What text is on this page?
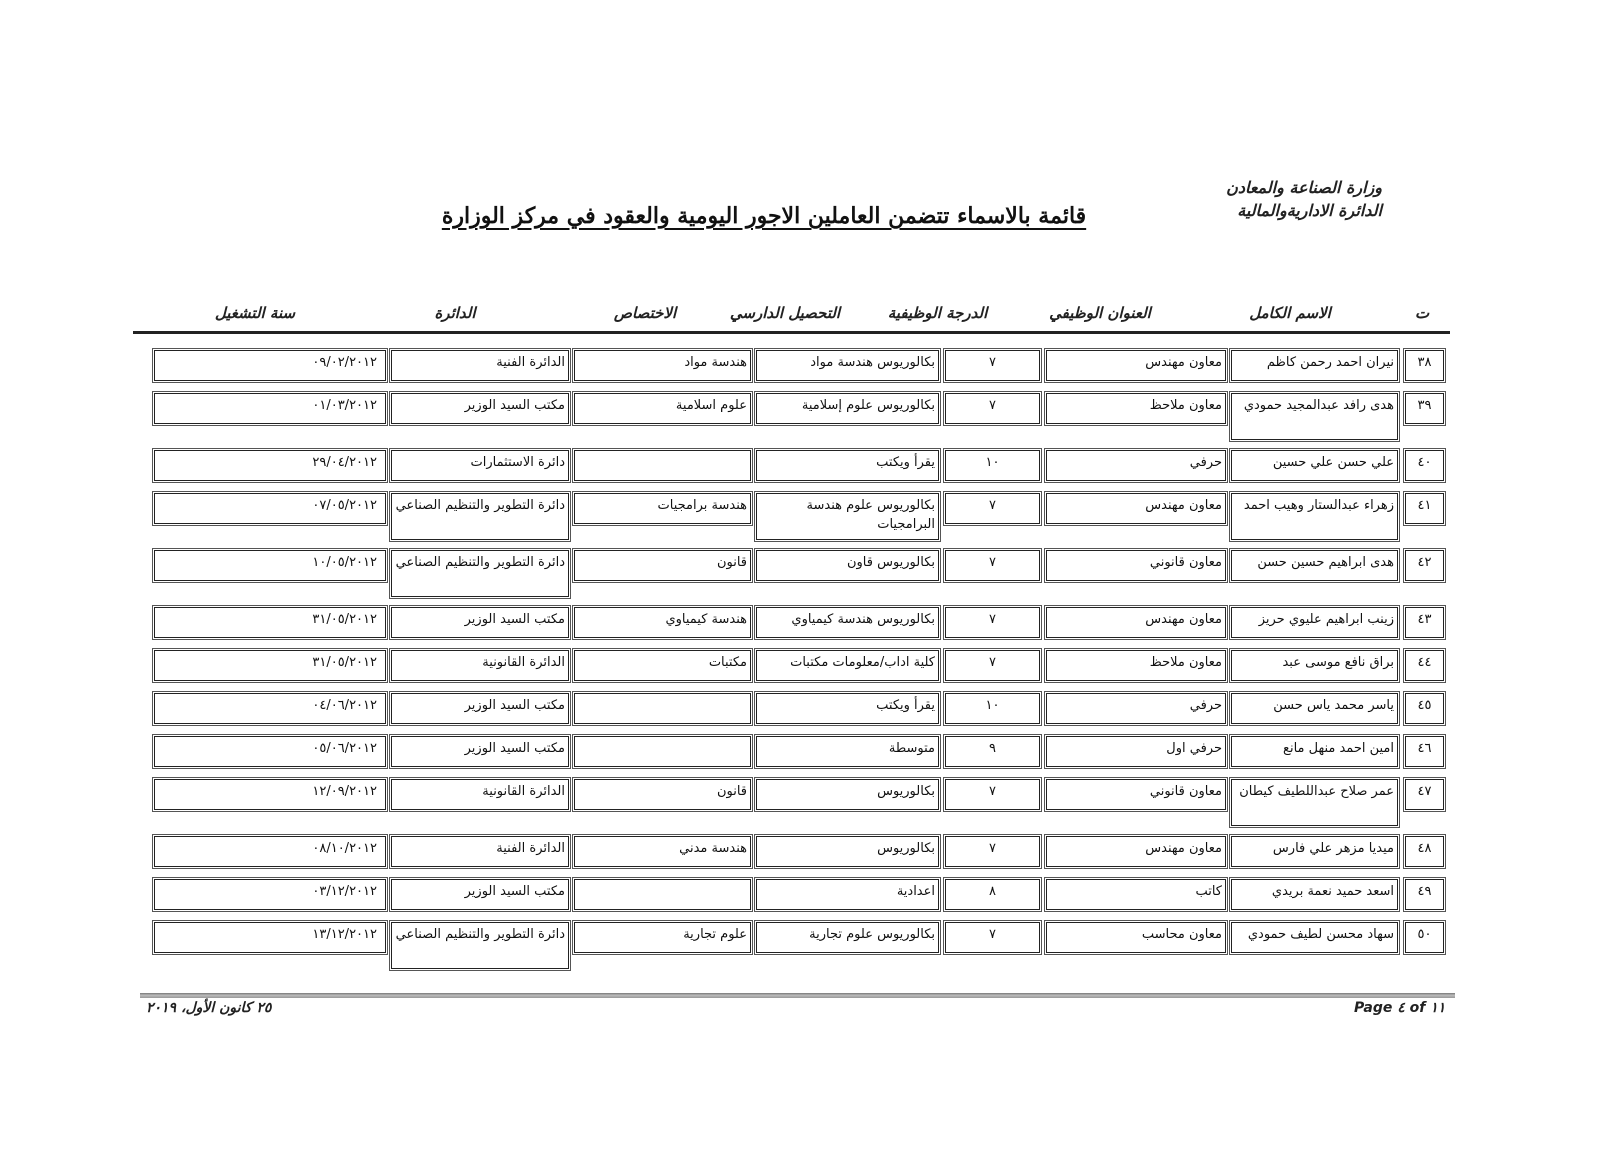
وزارة الصناعة والمعادن
الدائرة الاداريةوالمالية
قائمة بالاسماء تتضمن العاملين الاجور اليومية والعقود في مركز الوزارة
ت
الاسم الكامل
العنوان الوظيفي
الدرجة الوظيفية
التحصيل الدارسي
الاختصاص
الدائرة
سنة التشغيل
٣٨
نيران احمد رحمن كاظم
معاون مهندس
٧
بكالوريوس هندسة مواد
هندسة مواد
الدائرة الفنية
٠٩/٠٢/٢٠١٢
٣٩
هدى رافد عبدالمجيد حمودي
معاون ملاحظ
٧
بكالوريوس علوم إسلامية
علوم اسلامية
مكتب السيد الوزير
٠١/٠٣/٢٠١٢
٤٠
علي حسن علي حسين
حرفي
١٠
يقرأ ويكتب
دائرة الاستثمارات
٢٩/٠٤/٢٠١٢
٤١
زهراء عبدالستار وهيب احمد
معاون مهندس
٧
بكالوريوس علوم هندسة البرامجيات
هندسة برامجيات
دائرة التطوير والتنظيم الصناعي
٠٧/٠٥/٢٠١٢
٤٢
هدى ابراهيم حسين حسن
معاون قانوني
٧
بكالوريوس قاون
قانون
دائرة التطوير والتنظيم الصناعي
١٠/٠٥/٢٠١٢
٤٣
زينب ابراهيم عليوي حريز
معاون مهندس
٧
بكالوريوس هندسة كيمياوي
هندسة كيمياوي
مكتب السيد الوزير
٣١/٠٥/٢٠١٢
٤٤
براق نافع موسى عبد
معاون ملاحظ
٧
كلية اداب/معلومات مكتبات
مكتبات
الدائرة القانونية
٣١/٠٥/٢٠١٢
٤٥
ياسر محمد ياس حسن
حرفي
١٠
يقرأ ويكتب
مكتب السيد الوزير
٠٤/٠٦/٢٠١٢
٤٦
امين احمد منهل مانع
حرفي اول
٩
متوسطة
مكتب السيد الوزير
٠٥/٠٦/٢٠١٢
٤٧
عمر صلاح عبداللطيف كيطان
معاون قانوني
٧
بكالوريوس
قانون
الدائرة القانونية
١٢/٠٩/٢٠١٢
٤٨
ميديا مزهر علي فارس
معاون مهندس
٧
بكالوريوس
هندسة مدني
الدائرة الفنية
٠٨/١٠/٢٠١٢
٤٩
اسعد حميد نعمة بريدي
كاتب
٨
اعدادية
مكتب السيد الوزير
٠٣/١٢/٢٠١٢
٥٠
سهاد محسن لطيف حمودي
معاون محاسب
٧
بكالوريوس علوم تجارية
علوم تجارية
دائرة التطوير والتنظيم الصناعي
١٣/١٢/٢٠١٢
Page ٤ of ١١
٢٥ كانون الأول، ٢٠١٩
